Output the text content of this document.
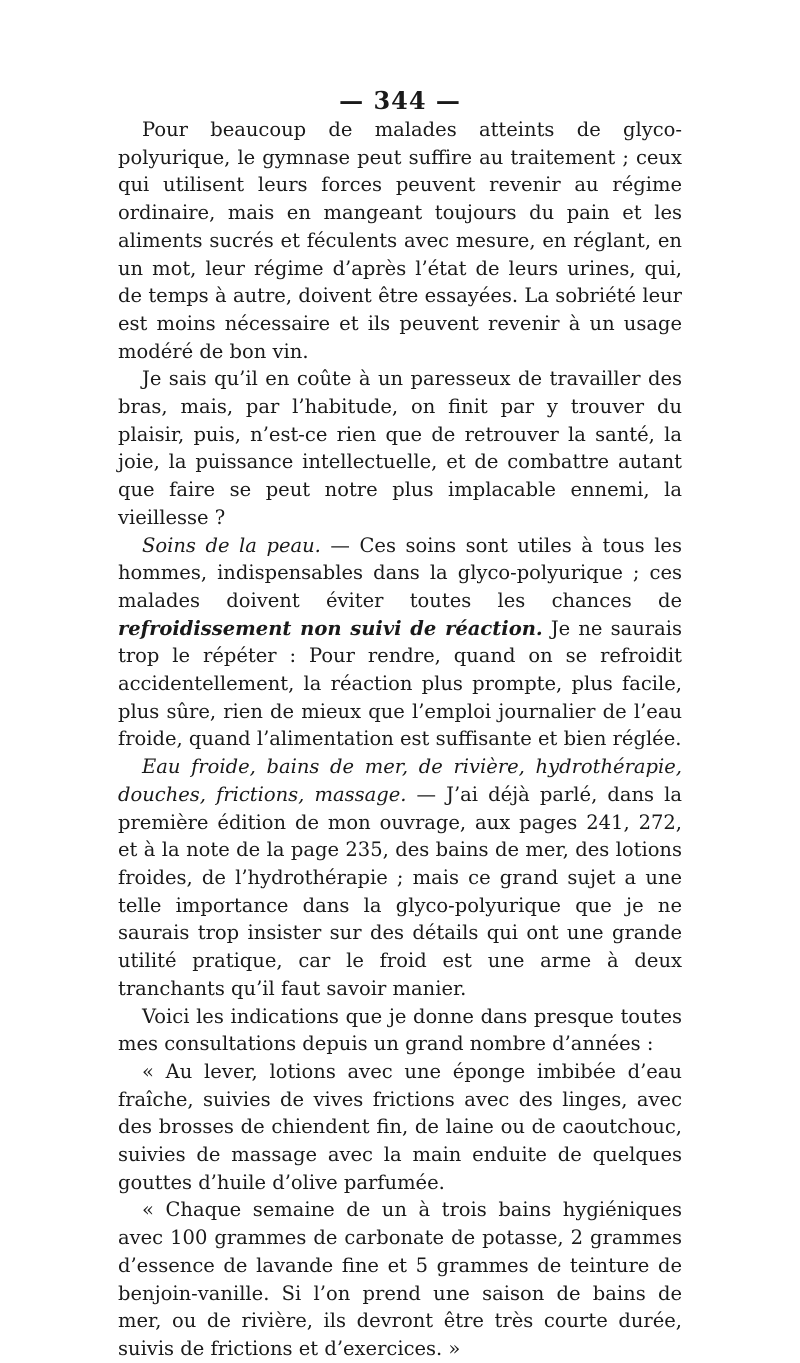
— 344 —

Pour beaucoup de malades atteints de glyco-polyurique, le gymnase peut suffire au traitement ; ceux qui utilisent leurs forces peuvent revenir au régime ordinaire, mais en mangeant toujours du pain et les aliments sucrés et féculents avec mesure, en réglant, en un mot, leur régime d’après l’état de leurs urines, qui, de temps à autre, doivent être essayées. La sobriété leur est moins nécessaire et ils peuvent revenir à un usage modéré de bon vin.

Je sais qu’il en coûte à un paresseux de travailler des bras, mais, par l’habitude, on finit par y trouver du plaisir, puis, n’est-ce rien que de retrouver la santé, la joie, la puissance intellectuelle, et de combattre autant que faire se peut notre plus implacable ennemi, la vieillesse ?

Soins de la peau. — Ces soins sont utiles à tous les hommes, indispensables dans la glyco-polyurique ; ces malades doivent éviter toutes les chances de refroidissement non suivi de réaction. Je ne saurais trop le répéter : Pour rendre, quand on se refroidit accidentellement, la réaction plus prompte, plus facile, plus sûre, rien de mieux que l’emploi journalier de l’eau froide, quand l’alimentation est suffisante et bien réglée.

Eau froide, bains de mer, de rivière, hydrothérapie, douches, frictions, massage. — J’ai déjà parlé, dans la première édition de mon ouvrage, aux pages 241, 272, et à la note de la page 235, des bains de mer, des lotions froides, de l’hydrothérapie ; mais ce grand sujet a une telle importance dans la glyco-polyurique que je ne saurais trop insister sur des détails qui ont une grande utilité pratique, car le froid est une arme à deux tranchants qu’il faut savoir manier.

Voici les indications que je donne dans presque toutes mes consultations depuis un grand nombre d’années :

« Au lever, lotions avec une éponge imbibée d’eau fraîche, suivies de vives frictions avec des linges, avec des brosses de chiendent fin, de laine ou de caoutchouc, suivies de massage avec la main enduite de quelques gouttes d’huile d’olive parfumée.

« Chaque semaine de un à trois bains hygiéniques avec 100 grammes de carbonate de potasse, 2 grammes d’essence de lavande fine et 5 grammes de teinture de benjoin-vanille. Si l’on prend une saison de bains de mer, ou de rivière, ils devront être très courte durée, suivis de frictions et d’exercices. »
